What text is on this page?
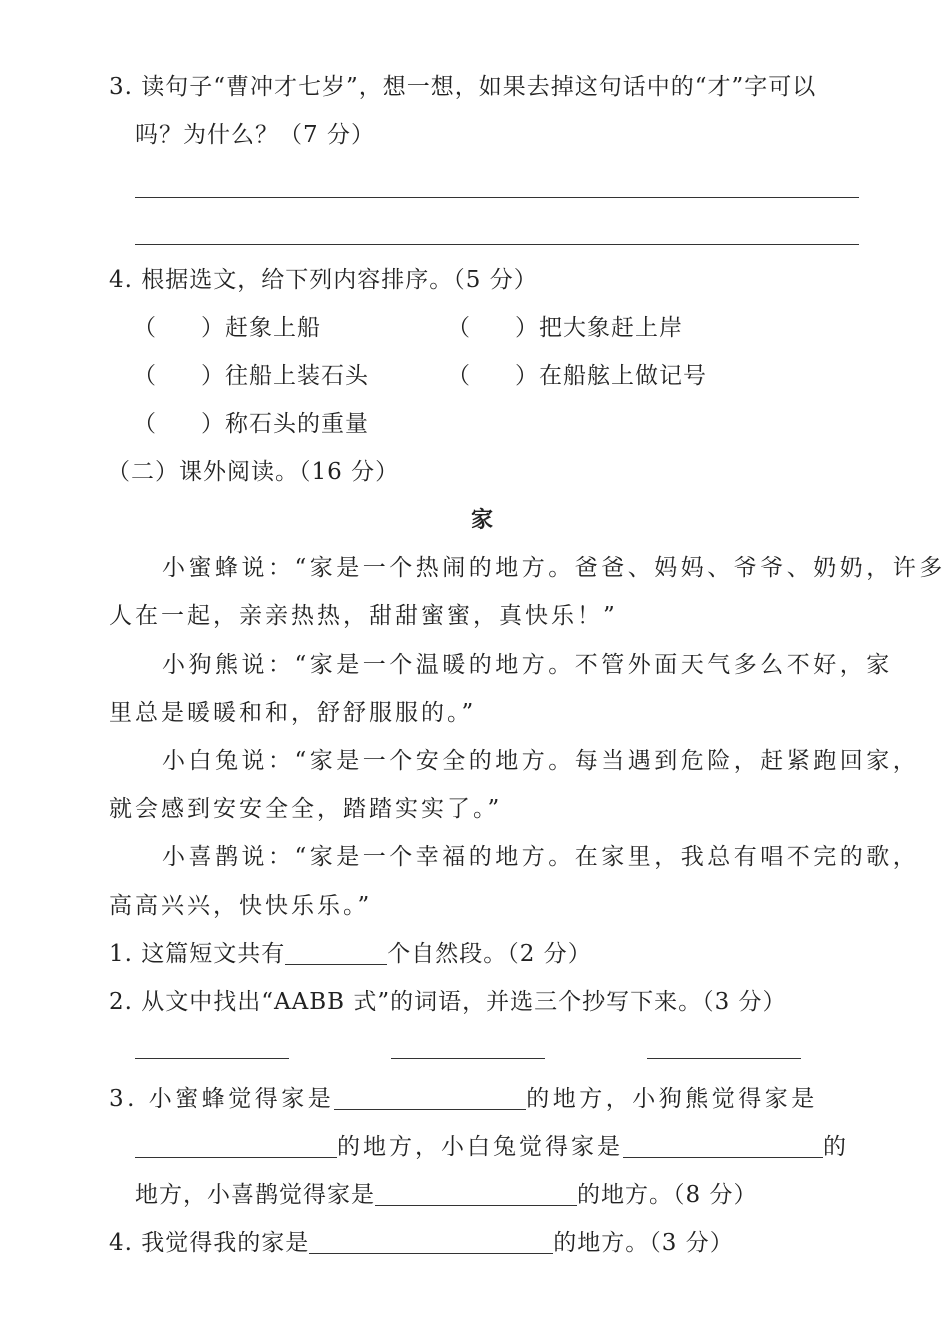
3. 读句子“曹冲才七岁”，想一想，如果去掉这句话中的“才”字可以
吗？为什么？（7 分）
4. 根据选文，给下列内容排序。（5 分）
（ ）赶象上船	（ ）把大象赶上岸
（ ）往船上装石头	（ ）在船舷上做记号
（ ）称石头的重量
（二）课外阅读。（16 分）
家
小蜜蜂说：“家是一个热闹的地方。爸爸、妈妈、爷爷、奶奶，许多
人在一起，亲亲热热，甜甜蜜蜜，真快乐！”
小狗熊说：“家是一个温暖的地方。不管外面天气多么不好，家
里总是暖暖和和，舒舒服服的。”
小白兔说：“家是一个安全的地方。每当遇到危险，赶紧跑回家，
就会感到安安全全，踏踏实实了。”
小喜鹊说：“家是一个幸福的地方。在家里，我总有唱不完的歌，
高高兴兴，快快乐乐。”
1. 这篇短文共有	个自然段。（2 分）
2. 从文中找出“AABB 式”的词语，并选三个抄写下来。（3 分）
3. 小蜜蜂觉得家是	的地方，小狗熊觉得家是
的地方，小白兔觉得家是	的
地方，小喜鹊觉得家是	的地方。（8 分）
4. 我觉得我的家是	的地方。（3 分）
